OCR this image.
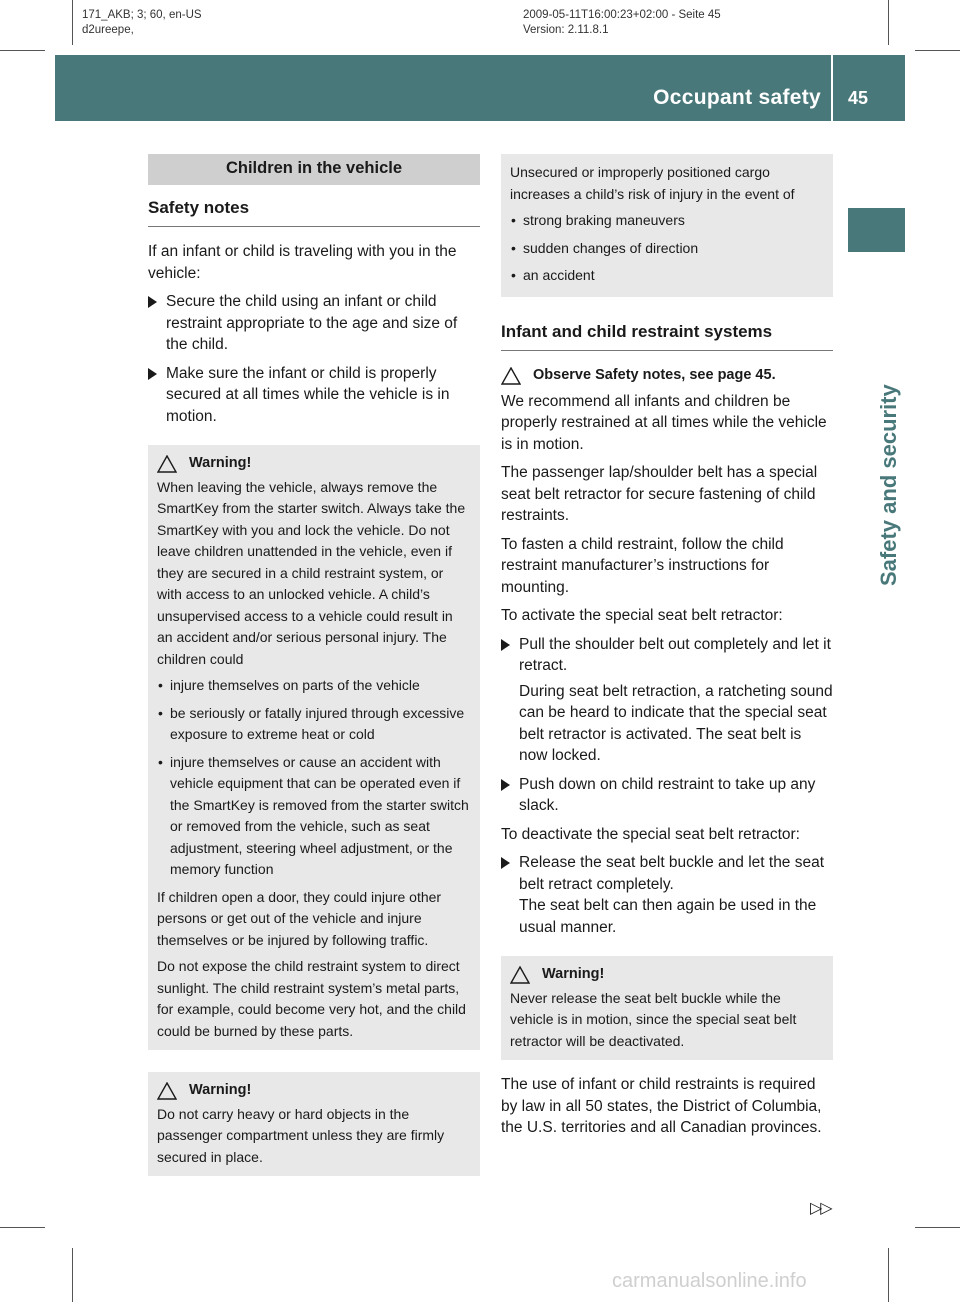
171_AKB; 3; 60, en-US
d2ureepe,
2009-05-11T16:00:23+02:00 - Seite 45
Version: 2.11.8.1
Occupant safety 45
Safety and security
Children in the vehicle
Safety notes

If an infant or child is traveling with you in the vehicle:

Secure the child using an infant or child restraint appropriate to the age and size of the child.
Make sure the infant or child is properly secured at all times while the vehicle is in motion.
Warning!

When leaving the vehicle, always remove the SmartKey from the starter switch. Always take the SmartKey with you and lock the vehicle. Do not leave children unattended in the vehicle, even if they are secured in a child restraint system, or with access to an unlocked vehicle. A child’s unsupervised access to a vehicle could result in an accident and/or serious personal injury. The children could

• injure themselves on parts of the vehicle
• be seriously or fatally injured through excessive exposure to extreme heat or cold
• injure themselves or cause an accident with vehicle equipment that can be operated even if the SmartKey is removed from the starter switch or removed from the vehicle, such as seat adjustment, steering wheel adjustment, or the memory function

If children open a door, they could injure other persons or get out of the vehicle and injure themselves or be injured by following traffic.

Do not expose the child restraint system to direct sunlight. The child restraint system’s metal parts, for example, could become very hot, and the child could be burned by these parts.

Warning!

Do not carry heavy or hard objects in the passenger compartment unless they are firmly secured in place.

Unsecured or improperly positioned cargo increases a child’s risk of injury in the event of

• strong braking maneuvers
• sudden changes of direction
• an accident
Infant and child restraint systems
Observe Safety notes, see page 45.

We recommend all infants and children be properly restrained at all times while the vehicle is in motion.

The passenger lap/shoulder belt has a special seat belt retractor for secure fastening of child restraints.

To fasten a child restraint, follow the child restraint manufacturer’s instructions for mounting.

To activate the special seat belt retractor:

Pull the shoulder belt out completely and let it retract.
During seat belt retraction, a ratcheting sound can be heard to indicate that the special seat belt retractor is activated. The seat belt is now locked.
Push down on child restraint to take up any slack.

To deactivate the special seat belt retractor:

Release the seat belt buckle and let the seat belt retract completely.
The seat belt can then again be used in the usual manner.
Warning!

Never release the seat belt buckle while the vehicle is in motion, since the special seat belt retractor will be deactivated.

The use of infant or child restraints is required by law in all 50 states, the District of Columbia, the U.S. territories and all Canadian provinces.

▷▷
carmanualsonline.info
